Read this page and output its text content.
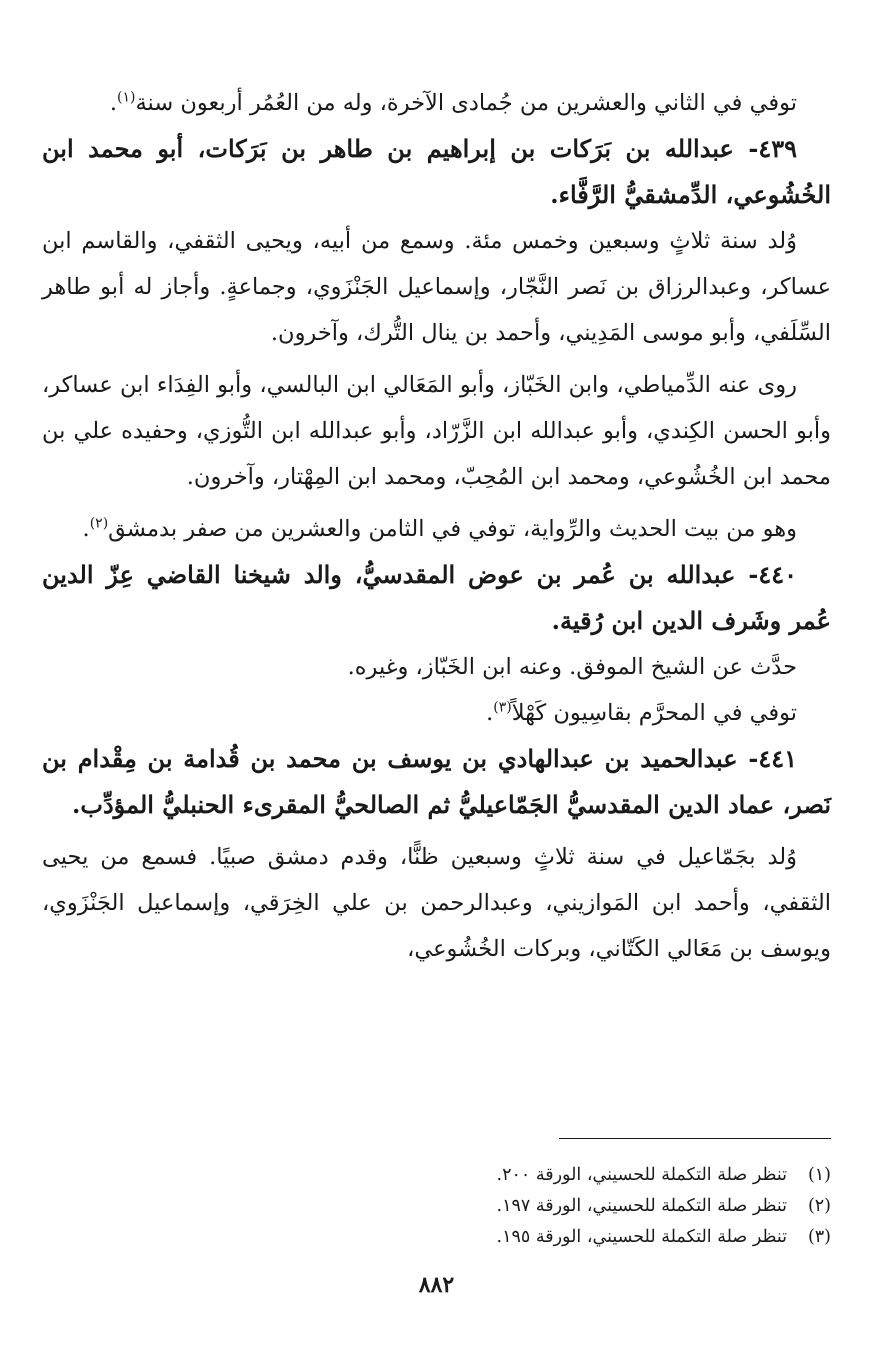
توفي في الثاني والعشرين من جُمادى الآخرة، وله من العُمُر أربعون سنة$^{(١)}$.

٤٣٩- عبدالله بن بَرَكات بن إبراهيم بن طاهر بن بَرَكات، أبو محمد ابن الخُشُوعي، الدِّمشقيُّ الرَّفَّاء.

وُلد سنة ثلاثٍ وسبعين وخمس مئة. وسمع من أبيه، ويحيى الثقفي، والقاسم ابن عساكر، وعبدالرزاق بن نَصر النَّجّار، وإسماعيل الجَنْزَوي، وجماعةٍ. وأجاز له أبو طاهر السِّلَفي، وأبو موسى المَدِيني، وأحمد بن ينال التُّرك، وآخرون.

روى عنه الدِّمياطي، وابن الخَبّاز، وأبو المَعَالي ابن البالسي، وأبو الفِدَاء ابن عساكر، وأبو الحسن الكِندي، وأبو عبدالله ابن الزَّرّاد، وأبو عبدالله ابن التُّوزي، وحفيده علي بن محمد ابن الخُشُوعي، ومحمد ابن المُحِبّ، ومحمد ابن المِهْتار، وآخرون.

وهو من بيت الحديث والرِّواية، توفي في الثامن والعشرين من صفر بدمشق$^{(٢)}$.

٤٤٠- عبدالله بن عُمر بن عوض المقدسيُّ، والد شيخنا القاضي عِزّ الدين عُمر وشَرف الدين ابن رُقية.

حدَّث عن الشيخ الموفق. وعنه ابن الخَبّاز، وغيره.

توفي في المحرَّم بقاسِيون كَهْلاً$^{(٣)}$.

٤٤١- عبدالحميد بن عبدالهادي بن يوسف بن محمد بن قُدامة بن مِقْدام بن نَصر، عماد الدين المقدسيُّ الجَمّاعيليُّ ثم الصالحيُّ المقرىء الحنبليُّ المؤدِّب.

وُلد بجَمّاعيل في سنة ثلاثٍ وسبعين ظنًّا، وقدم دمشق صبيًا. فسمع من يحيى الثقفي، وأحمد ابن المَوازيني، وعبدالرحمن بن علي الخِرَقي، وإسماعيل الجَنْزَوي، ويوسف بن مَعَالي الكَتّاني، وبركات الخُشُوعي،

(١)
تنظر صلة التكملة للحسيني، الورقة ٢٠٠.
(٢)
تنظر صلة التكملة للحسيني، الورقة ١٩٧.
(٣)
تنظر صلة التكملة للحسيني، الورقة ١٩٥.
٨٨٢
